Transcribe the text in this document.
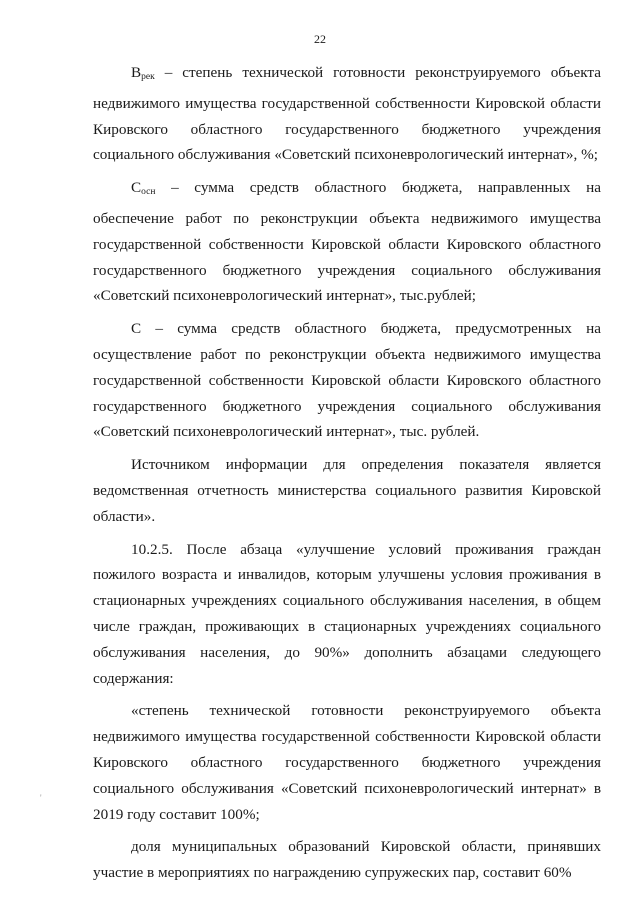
22

$В_{рек}$ – степень технической готовности реконструируемого объекта недвижимого имущества государственной собственности Кировской области Кировского областного государственного бюджетного учреждения социального обслуживания «Советский психоневрологический интернат», %;

$С_{осн}$ – сумма средств областного бюджета, направленных на обеспечение работ по реконструкции объекта недвижимого имущества государственной собственности Кировской области Кировского областного государственного бюджетного учреждения социального обслуживания «Советский психоневрологический интернат», тыс.рублей;

С – сумма средств областного бюджета, предусмотренных на осуществление работ по реконструкции объекта недвижимого имущества государственной собственности Кировской области Кировского областного государственного бюджетного учреждения социального обслуживания «Советский психоневрологический интернат», тыс. рублей.

Источником информации для определения показателя является ведомственная отчетность министерства социального развития Кировской области».

10.2.5. После абзаца «улучшение условий проживания граждан пожилого возраста и инвалидов, которым улучшены условия проживания в стационарных учреждениях социального обслуживания населения, в общем числе граждан, проживающих в стационарных учреждениях социального обслуживания населения, до 90%» дополнить абзацами следующего содержания:

«степень технической готовности реконструируемого объекта недвижимого имущества государственной собственности Кировской области Кировского областного государственного бюджетного учреждения социального обслуживания «Советский психоневрологический интернат» в 2019 году составит 100%;

доля муниципальных образований Кировской области, принявших участие в мероприятиях по награждению супружеских пар, составит 60%

'
